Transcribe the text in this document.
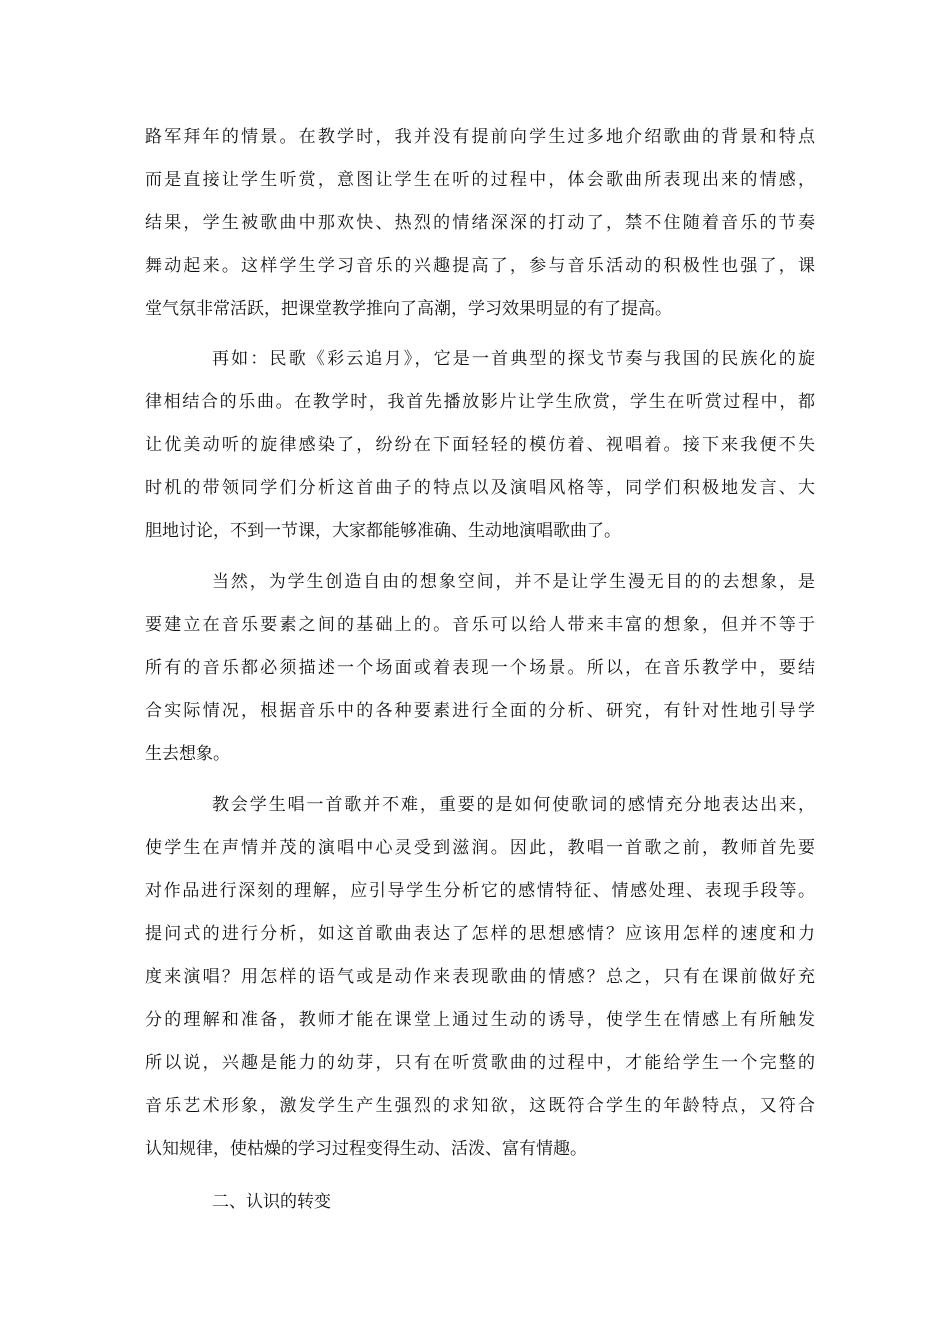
路军拜年的情景。在教学时，我并没有提前向学生过多地介绍歌曲的背景和特点
而是直接让学生听赏，意图让学生在听的过程中，体会歌曲所表现出来的情感，
结果，学生被歌曲中那欢快、热烈的情绪深深的打动了，禁不住随着音乐的节奏
舞动起来。这样学生学习音乐的兴趣提高了，参与音乐活动的积极性也强了，课
堂气氛非常活跃，把课堂教学推向了高潮，学习效果明显的有了提高。
再如：民歌《彩云追月》，它是一首典型的探戈节奏与我国的民族化的旋
律相结合的乐曲。在教学时，我首先播放影片让学生欣赏，学生在听赏过程中，都
让优美动听的旋律感染了，纷纷在下面轻轻的模仿着、视唱着。接下来我便不失
时机的带领同学们分析这首曲子的特点以及演唱风格等，同学们积极地发言、大
胆地讨论，不到一节课，大家都能够准确、生动地演唱歌曲了。
当然，为学生创造自由的想象空间，并不是让学生漫无目的的去想象，是
要建立在音乐要素之间的基础上的。音乐可以给人带来丰富的想象，但并不等于
所有的音乐都必须描述一个场面或着表现一个场景。所以，在音乐教学中，要结
合实际情况，根据音乐中的各种要素进行全面的分析、研究，有针对性地引导学
生去想象。
教会学生唱一首歌并不难，重要的是如何使歌词的感情充分地表达出来，
使学生在声情并茂的演唱中心灵受到滋润。因此，教唱一首歌之前，教师首先要
对作品进行深刻的理解，应引导学生分析它的感情特征、情感处理、表现手段等。
提问式的进行分析，如这首歌曲表达了怎样的思想感情？应该用怎样的速度和力
度来演唱？用怎样的语气或是动作来表现歌曲的情感？总之，只有在课前做好充
分的理解和准备，教师才能在课堂上通过生动的诱导，使学生在情感上有所触发
所以说，兴趣是能力的幼芽，只有在听赏歌曲的过程中，才能给学生一个完整的
音乐艺术形象，激发学生产生强烈的求知欲，这既符合学生的年龄特点，又符合
认知规律，使枯燥的学习过程变得生动、活泼、富有情趣。
二、认识的转变
